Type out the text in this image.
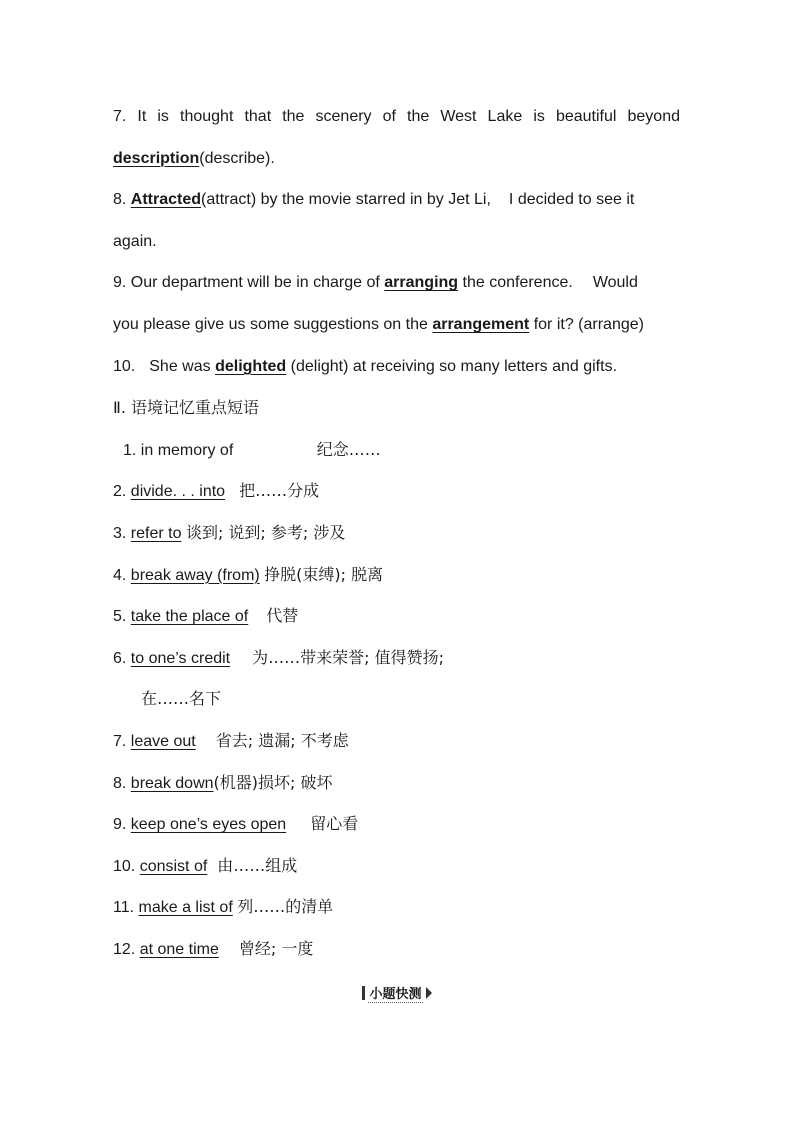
7. It is thought that the scenery of the West Lake is beautiful beyond
description(describe).
8. Attracted(attract) by the movie starred in by Jet Li, I decided to see it
again.
9. Our department will be in charge of arranging the conference. Would
you please give us some suggestions on the arrangement for it? (arrange)
10. She was delighted (delight) at receiving so many letters and gifts.
Ⅱ. 语境记忆重点短语
1. in memory of	纪念……
2. divide. . . into 把……分成
3. refer to 谈到; 说到; 参考; 涉及
4. break away (from) 挣脱(束缚); 脱离
5. take the place of 代替
6. to one’s credit 为……带来荣誉; 值得赞扬;
在……名下
7. leave out 省去; 遗漏; 不考虑
8. break down(机器)损坏; 破坏
9. keep one’s eyes open 留心看
10. consist of 由……组成
11. make a list of 列……的清单
12. at one time 曾经; 一度
小题快测
